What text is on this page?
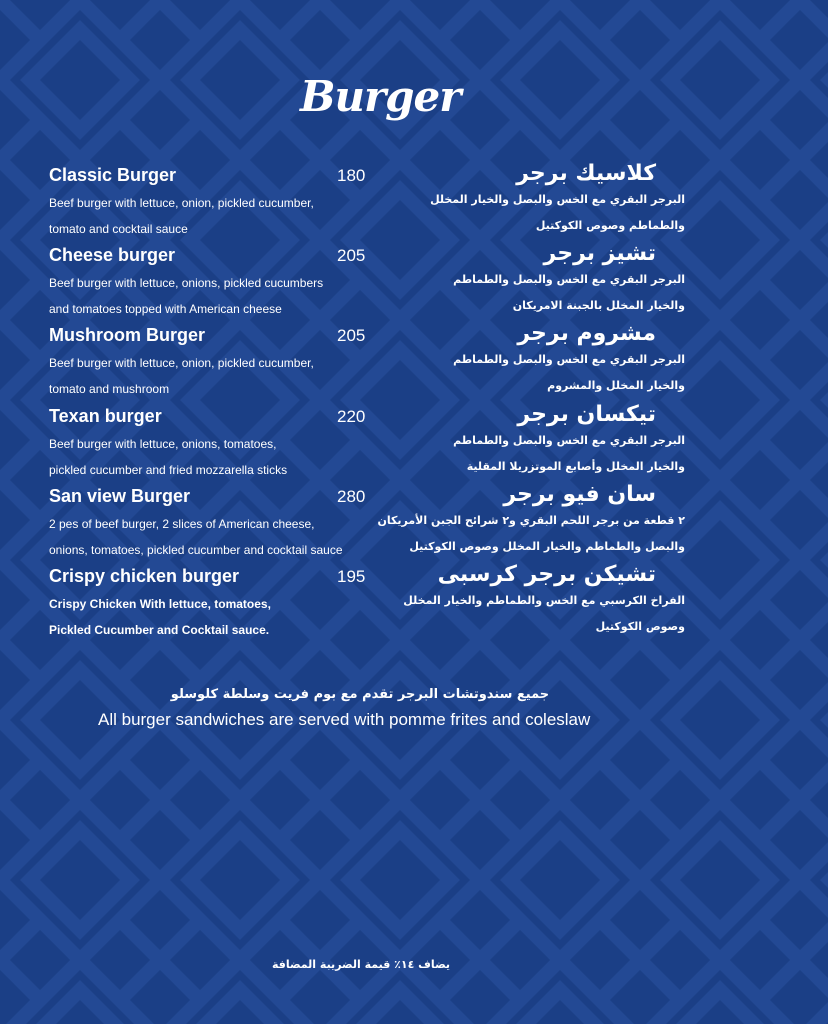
Burger
Classic Burger	180
Beef burger with lettuce, onion, pickled cucumber,
tomato and cocktail sauce
كلاسيك برجر
البرجر البقري مع الخس والبصل والخيار المخلل
والطماطم وصوص الكوكتيل
Cheese burger	205
Beef burger with lettuce, onions, pickled cucumbers
and tomatoes topped with American cheese
تشيز برجر
البرجر البقري مع الخس والبصل والطماطم
والخيار المخلل بالجبنة الامريكان
Mushroom Burger	205
Beef burger with lettuce, onion, pickled cucumber,
tomato and mushroom
مشروم برجر
البرجر البقري مع الخس والبصل والطماطم
والخيار المخلل والمشروم
Texan burger	220
Beef burger with lettuce, onions, tomatoes,
pickled cucumber and fried mozzarella sticks
تيكسان برجر
البرجر البقري مع الخس والبصل والطماطم
والخيار المخلل وأصابع الموتزريلا المقلية
San view Burger	280
2 pes of beef burger, 2 slices of American cheese,
onions, tomatoes, pickled cucumber and cocktail sauce
سان فيو برجر
٢ قطعة من برجر اللحم البقري و٢ شرائح الجبن الأمريكان
والبصل والطماطم والخيار المخلل وصوص الكوكتيل
Crispy chicken burger	195
Crispy Chicken With lettuce, tomatoes,
Pickled Cucumber and Cocktail sauce.
تشيكن برجر كرسبى
الفراخ الكرسبي مع الخس والطماطم والخيار المخلل
وصوص الكوكتيل
جميع سندوتشات البرجر تقدم مع بوم فريت وسلطة كلوسلو
All burger sandwiches are served with pomme frites and coleslaw
يضاف ١٤٪ قيمة الضريبة المضافة
